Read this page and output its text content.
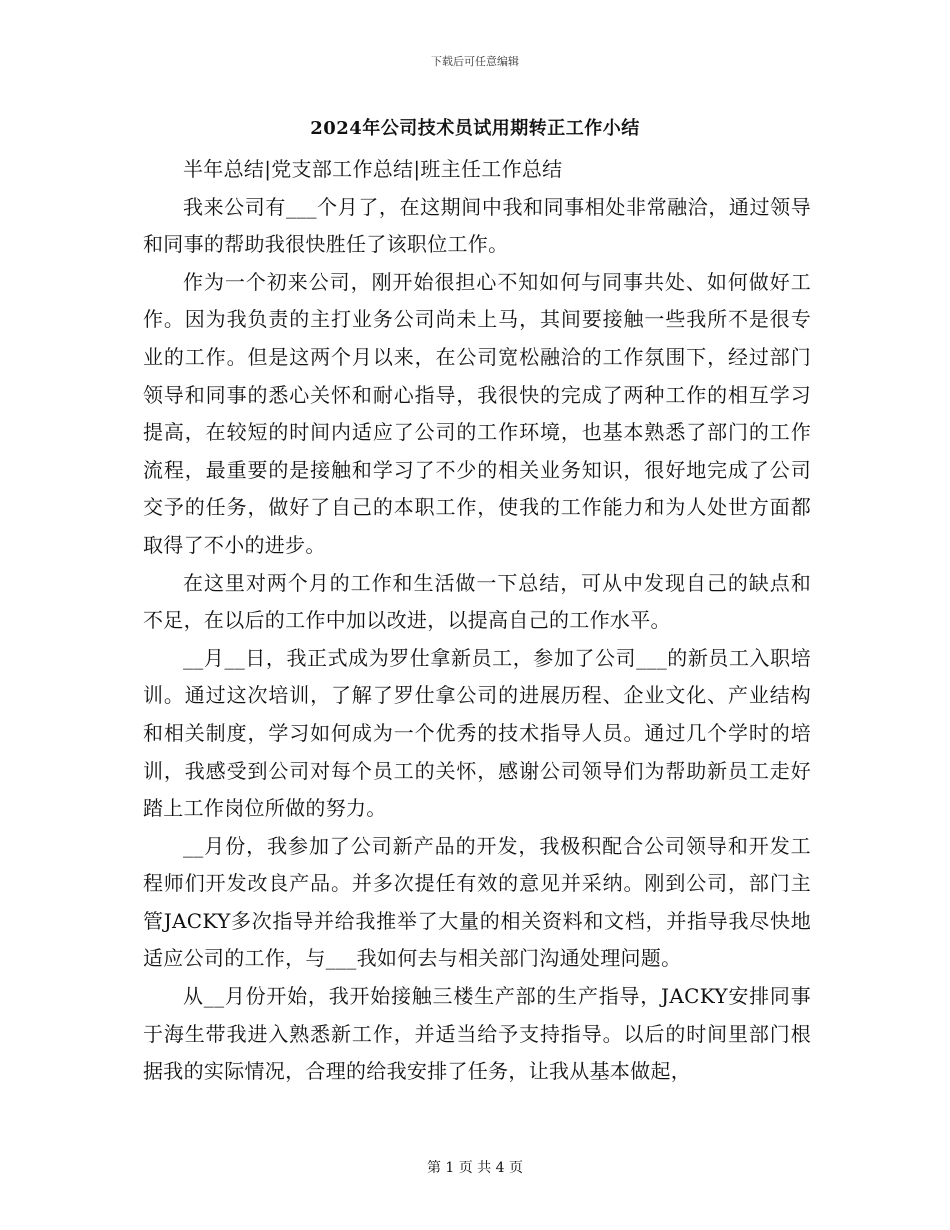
下载后可任意编辑
2024年公司技术员试用期转正工作小结

半年总结|党支部工作总结|班主任工作总结

我来公司有___个月了，在这期间中我和同事相处非常融洽，通过领导和同事的帮助我很快胜任了该职位工作。

作为一个初来公司，刚开始很担心不知如何与同事共处、如何做好工作。因为我负责的主打业务公司尚未上马，其间要接触一些我所不是很专业的工作。但是这两个月以来，在公司宽松融洽的工作氛围下，经过部门领导和同事的悉心关怀和耐心指导，我很快的完成了两种工作的相互学习提高，在较短的时间内适应了公司的工作环境，也基本熟悉了部门的工作流程，最重要的是接触和学习了不少的相关业务知识，很好地完成了公司交予的任务，做好了自己的本职工作，使我的工作能力和为人处世方面都取得了不小的进步。

在这里对两个月的工作和生活做一下总结，可从中发现自己的缺点和不足，在以后的工作中加以改进，以提高自己的工作水平。

__月__日，我正式成为罗仕拿新员工，参加了公司___的新员工入职培训。通过这次培训，了解了罗仕拿公司的进展历程、企业文化、产业结构和相关制度，学习如何成为一个优秀的技术指导人员。通过几个学时的培训，我感受到公司对每个员工的关怀，感谢公司领导们为帮助新员工走好踏上工作岗位所做的努力。

__月份，我参加了公司新产品的开发，我极积配合公司领导和开发工程师们开发改良产品。并多次提任有效的意见并采纳。刚到公司，部门主管JACKY多次指导并给我推举了大量的相关资料和文档，并指导我尽快地适应公司的工作，与___我如何去与相关部门沟通处理问题。

从__月份开始，我开始接触三楼生产部的生产指导，JACKY安排同事于海生带我进入熟悉新工作，并适当给予支持指导。以后的时间里部门根据我的实际情况，合理的给我安排了任务，让我从基本做起，

第 1 页 共 4 页
